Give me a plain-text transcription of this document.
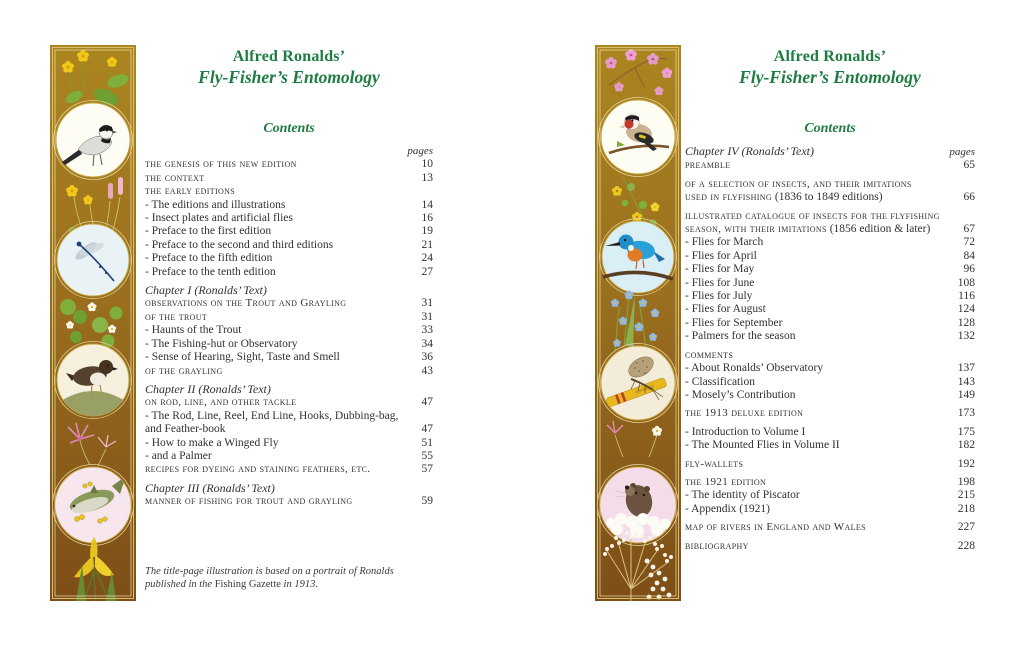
Alfred Ronalds’
Fly-Fisher’s Entomology
Contents
pages
the genesis of this new edition	10
the context	13
the early editions
- The editions and illustrations	14
- Insect plates and artificial flies	16
- Preface to the first edition	19
- Preface to the second and third editions	21
- Preface to the fifth edition	24
- Preface to the tenth edition	27
Chapter I (Ronalds’ Text)
observations on the Trout and Grayling	31
of the trout	31
- Haunts of the Trout	33
- The Fishing-hut or Observatory	34
- Sense of Hearing, Sight, Taste and Smell	36
of the grayling	43
Chapter II (Ronalds’ Text)
on rod, line, and other tackle	47
- The Rod, Line, Reel, End Line, Hooks, Dubbing-bag,
and Feather-book	47
- How to make a Winged Fly	51
- and a Palmer	55
recipes for dyeing and staining feathers, etc.	57
Chapter III (Ronalds’ Text)
manner of fishing for trout and grayling	59
The title-page illustration is based on a portrait of Ronalds published in the Fishing Gazette in 1913.
Alfred Ronalds’
Fly-Fisher’s Entomology
Contents
Chapter IV (Ronalds’ Text)	pages
preamble	65
of a selection of insects, and their imitations
used in flyfishing (1836 to 1849 editions)	66
illustrated catalogue of insects for the flyfishing
season, with their imitations (1856 edition & later)	67
- Flies for March	72
- Flies for April	84
- Flies for May	96
- Flies for June	108
- Flies for July	116
- Flies for August	124
- Flies for September	128
- Palmers for the season	132
comments
- About Ronalds’ Observatory	137
- Classification	143
- Mosely’s Contribution	149
the 1913 deluxe edition	173
- Introduction to Volume I	175
- The Mounted Flies in Volume II	182
fly-wallets	192
the 1921 edition	198
- The identity of Piscator	215
- Appendix (1921)	218
map of rivers in England and Wales	227
bibliography	228
